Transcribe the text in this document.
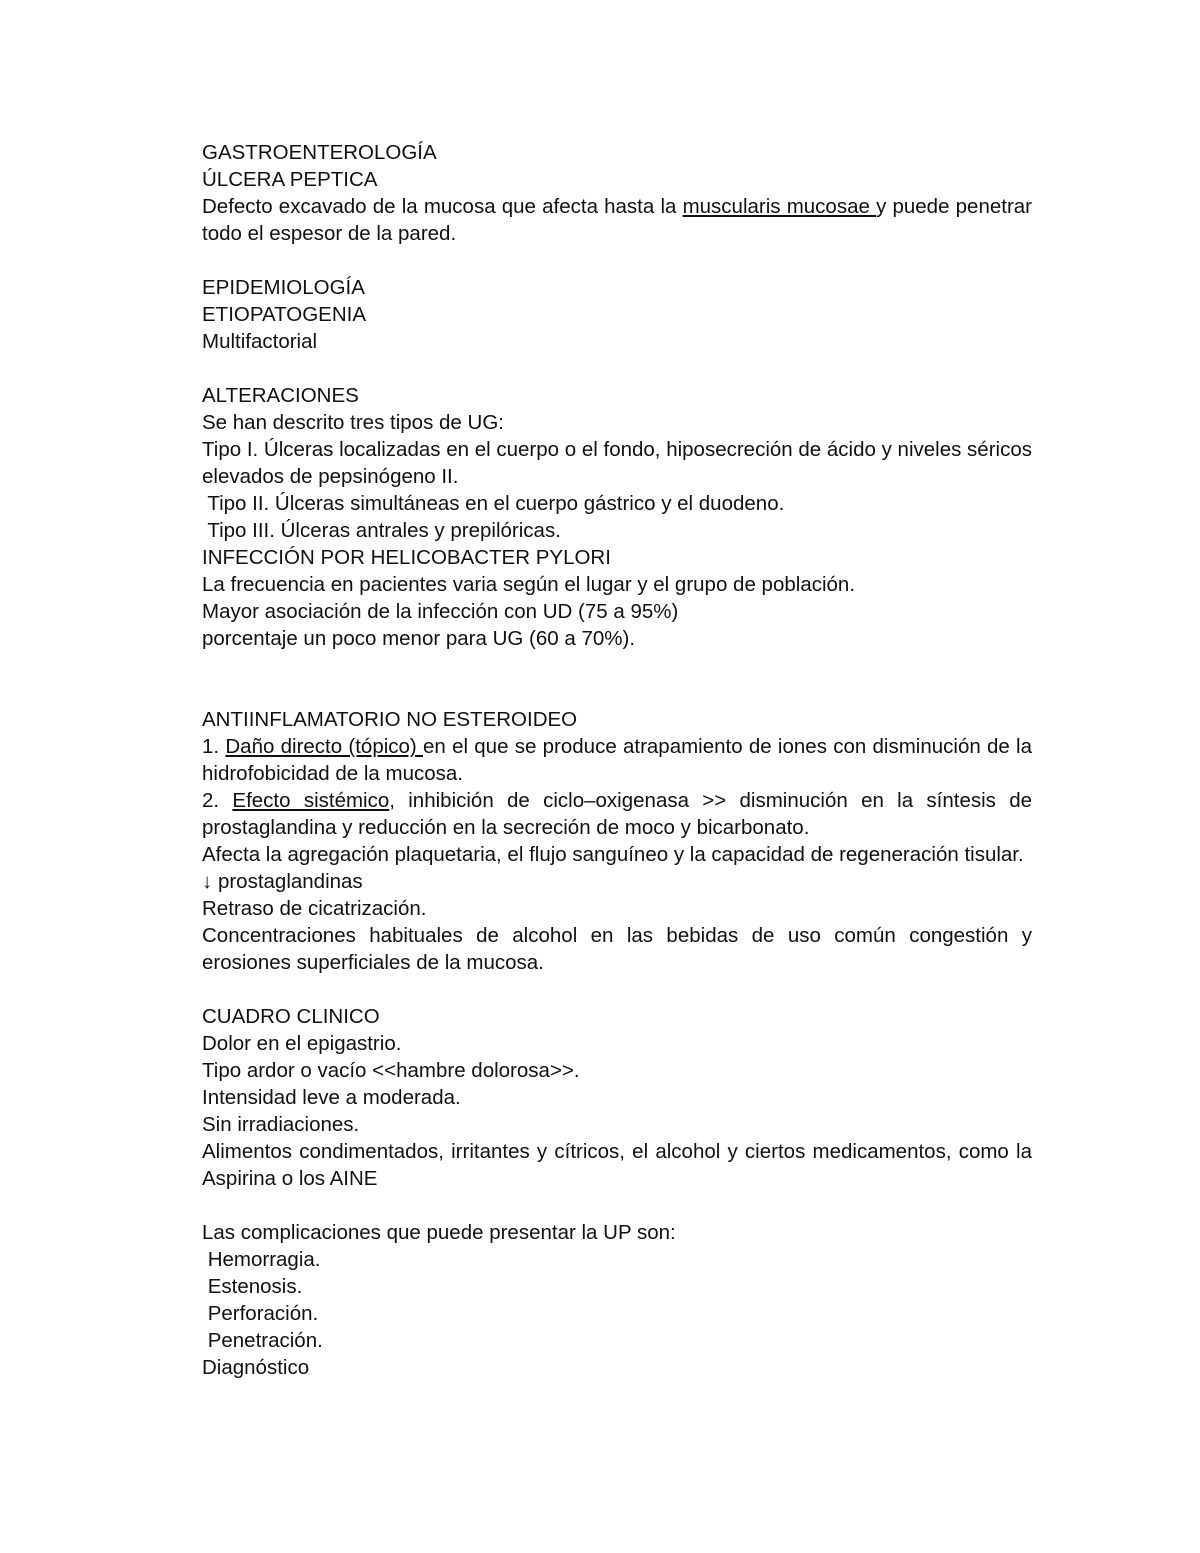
GASTROENTEROLOGÍA
ÚLCERA PEPTICA
Defecto excavado de la mucosa que afecta hasta la muscularis mucosae y puede penetrar todo el espesor de la pared.
EPIDEMIOLOGÍA
ETIOPATOGENIA
Multifactorial
ALTERACIONES
Se han descrito tres tipos de UG:
Tipo I. Úlceras localizadas en el cuerpo o el fondo, hiposecreción de ácido y niveles séricos elevados de pepsinógeno II.
Tipo II. Úlceras simultáneas en el cuerpo gástrico y el duodeno.
Tipo III. Úlceras antrales y prepilóricas.
INFECCIÓN POR HELICOBACTER PYLORI
La frecuencia en pacientes varia según el lugar y el grupo de población.
Mayor asociación de la infección con UD (75 a 95%)
porcentaje un poco menor para UG (60 a 70%).
ANTIINFLAMATORIO NO ESTEROIDEO
1. Daño directo (tópico) en el que se produce atrapamiento de iones con disminución de la hidrofobicidad de la mucosa.
2. Efecto sistémico, inhibición de ciclo–oxigenasa >> disminución en la síntesis de prostaglandina y reducción en la secreción de moco y bicarbonato.
Afecta la agregación plaquetaria, el flujo sanguíneo y la capacidad de regeneración tisular.
↓ prostaglandinas
Retraso de cicatrización.
Concentraciones habituales de alcohol en las bebidas de uso común congestión y erosiones superficiales de la mucosa.
CUADRO CLINICO
Dolor en el epigastrio.
Tipo ardor o vacío <<hambre dolorosa>>.
Intensidad leve a moderada.
Sin irradiaciones.
Alimentos condimentados, irritantes y cítricos, el alcohol y ciertos medicamentos, como la Aspirina o los AINE
Las complicaciones que puede presentar la UP son:
Hemorragia.
Estenosis.
Perforación.
Penetración.
Diagnóstico
